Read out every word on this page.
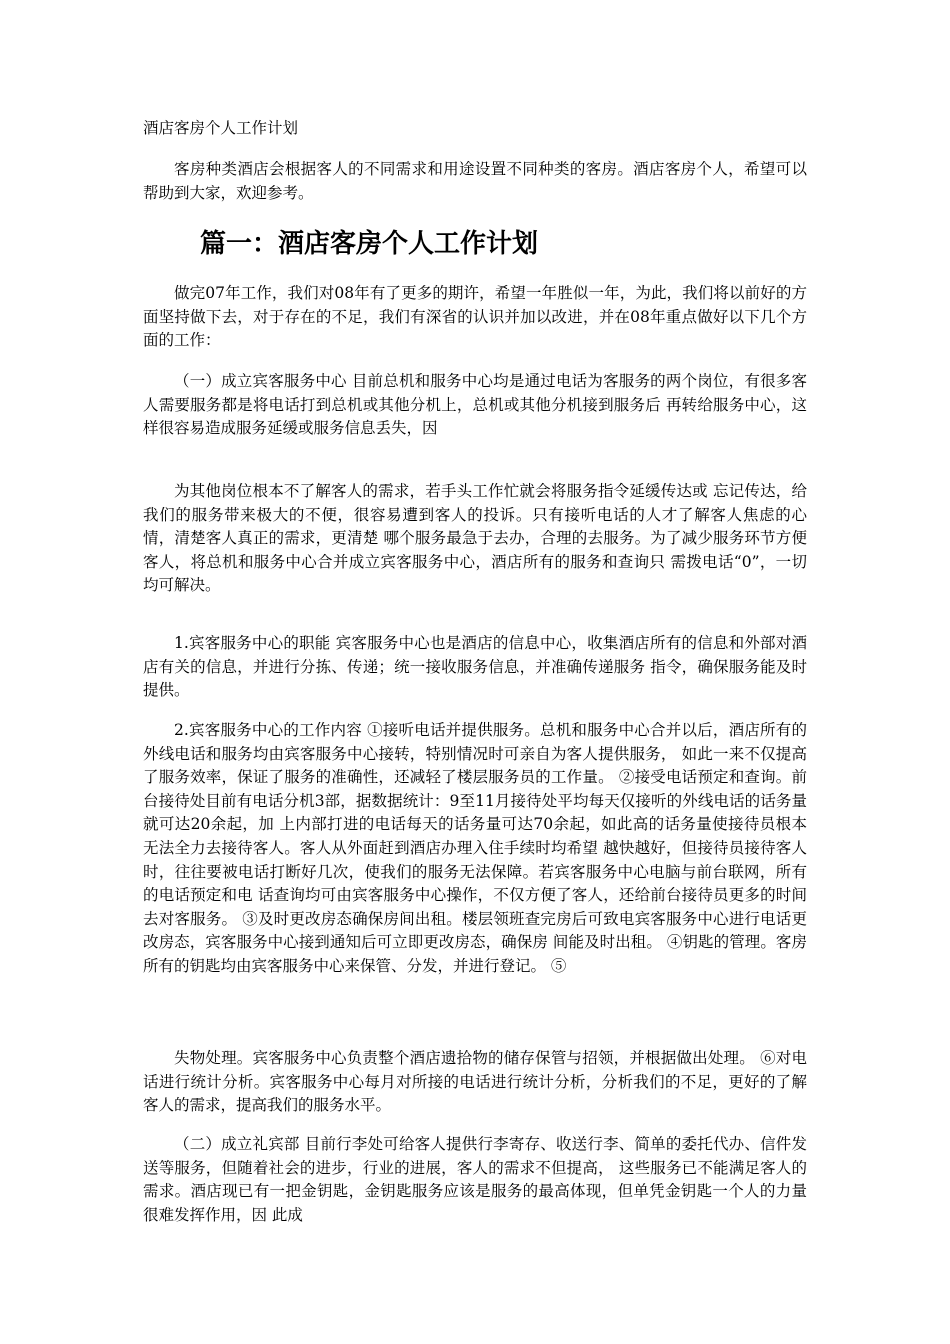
酒店客房个人工作计划

客房种类酒店会根据客人的不同需求和用途设置不同种类的客房。酒店客房个人，希望可以帮助到大家，欢迎参考。

篇一：酒店客房个人工作计划

做完07年工作，我们对08年有了更多的期许，希望一年胜似一年，为此，我们将以前好的方面坚持做下去，对于存在的不足，我们有深省的认识并加以改进，并在08年重点做好以下几个方面的工作：

（一）成立宾客服务中心 目前总机和服务中心均是通过电话为客服务的两个岗位，有很多客人需要服务都是将电话打到总机或其他分机上，总机或其他分机接到服务后 再转给服务中心，这样很容易造成服务延缓或服务信息丢失，因

为其他岗位根本不了解客人的需求，若手头工作忙就会将服务指令延缓传达或 忘记传达，给我们的服务带来极大的不便，很容易遭到客人的投诉。只有接听电话的人才了解客人焦虑的心情，清楚客人真正的需求，更清楚 哪个服务最急于去办，合理的去服务。为了减少服务环节方便客人，将总机和服务中心合并成立宾客服务中心，酒店所有的服务和查询只 需拨电话“0”，一切均可解决。

1.宾客服务中心的职能 宾客服务中心也是酒店的信息中心，收集酒店所有的信息和外部对酒店有关的信息，并进行分拣、传递；统一接收服务信息，并准确传递服务 指令，确保服务能及时提供。

2.宾客服务中心的工作内容 ①接听电话并提供服务。总机和服务中心合并以后，酒店所有的外线电话和服务均由宾客服务中心接转，特别情况时可亲自为客人提供服务， 如此一来不仅提高了服务效率，保证了服务的准确性，还减轻了楼层服务员的工作量。 ②接受电话预定和查询。前台接待处目前有电话分机3部，据数据统计：9至11月接待处平均每天仅接听的外线电话的话务量就可达20余起，加 上内部打进的电话每天的话务量可达70余起，如此高的话务量使接待员根本无法全力去接待客人。客人从外面赶到酒店办理入住手续时均希望 越快越好，但接待员接待客人时，往往要被电话打断好几次，使我们的服务无法保障。若宾客服务中心电脑与前台联网，所有的电话预定和电 话查询均可由宾客服务中心操作，不仅方便了客人，还给前台接待员更多的时间去对客服务。 ③及时更改房态确保房间出租。楼层领班查完房后可致电宾客服务中心进行电话更改房态，宾客服务中心接到通知后可立即更改房态，确保房 间能及时出租。 ④钥匙的管理。客房所有的钥匙均由宾客服务中心来保管、分发，并进行登记。 ⑤

失物处理。宾客服务中心负责整个酒店遗拾物的储存保管与招领，并根据做出处理。 ⑥对电话进行统计分析。宾客服务中心每月对所接的电话进行统计分析，分析我们的不足，更好的了解客人的需求，提高我们的服务水平。

（二）成立礼宾部 目前行李处可给客人提供行李寄存、收送行李、简单的委托代办、信件发送等服务，但随着社会的进步，行业的进展，客人的需求不但提高， 这些服务已不能满足客人的需求。酒店现已有一把金钥匙，金钥匙服务应该是服务的最高体现，但单凭金钥匙一个人的力量很难发挥作用，因 此成
